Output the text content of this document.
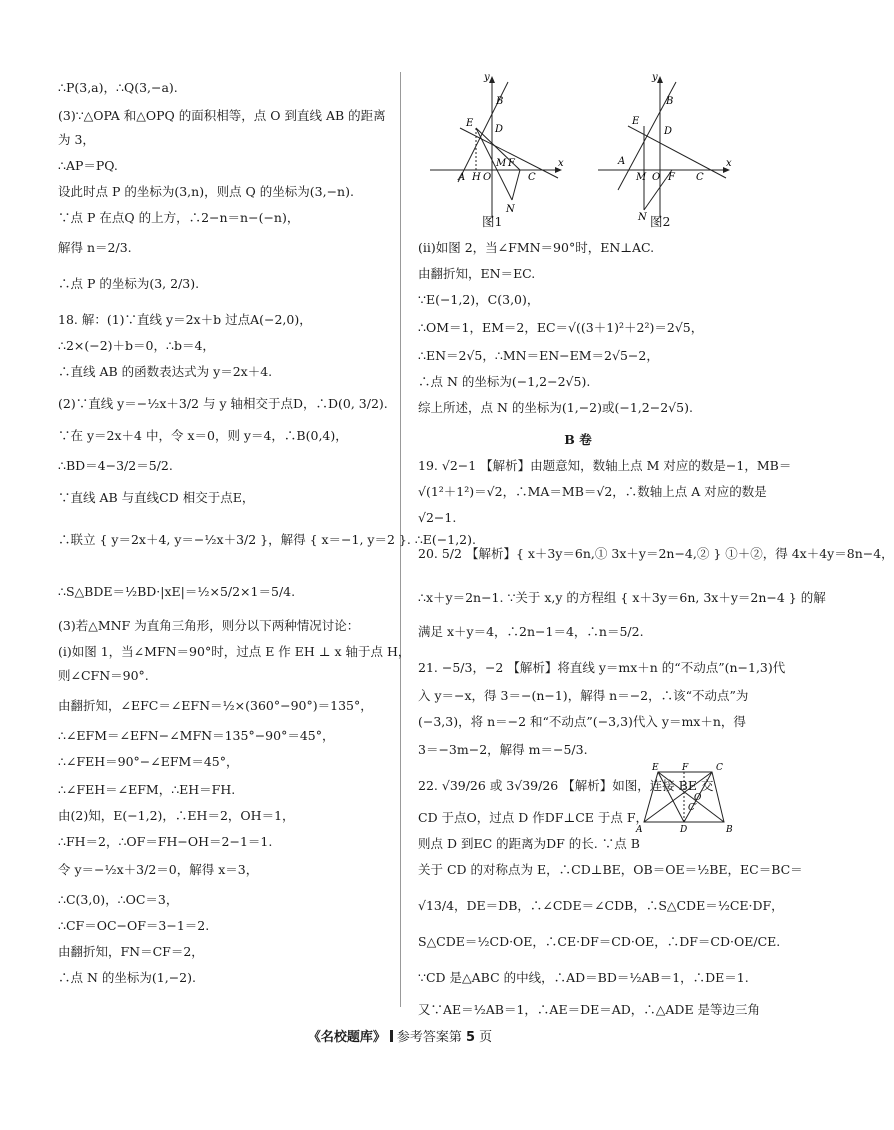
∴P(3,a)，∴Q(3,−a).
(3)∵△OPA 和△OPQ 的面积相等，点 O 到直线 AB 的距离
为 3，
∴AP＝PQ.
设此时点 P 的坐标为(3,n)，则点 Q 的坐标为(3,−n).
∵点 P 在点Q 的上方，∴2−n＝n−(−n)，
解得 n＝2/3.
∴点 P 的坐标为(3, 2/3).
18. 解：(1)∵直线 y＝2x＋b 过点A(−2,0)，
∴2×(−2)＋b＝0，∴b＝4，
∴直线 AB 的函数表达式为 y＝2x＋4.
(2)∵直线 y＝−½x＋3/2 与 y 轴相交于点D，∴D(0, 3/2).
∵在 y＝2x＋4 中，令 x＝0，则 y＝4，∴B(0,4)，
∴BD＝4−3/2＝5/2.
∵直线 AB 与直线CD 相交于点E，
∴联立 { y＝2x＋4, y＝−½x＋3/2 }，解得 { x＝−1, y＝2 }. ∴E(−1,2).
∴S△BDE＝½BD·|xE|＝½×5/2×1＝5/4.
(3)若△MNF 为直角三角形，则分以下两种情况讨论：
(i)如图 1，当∠MFN＝90°时，过点 E 作 EH ⊥ x 轴于点 H，
则∠CFN＝90°.
由翻折知，∠EFC＝∠EFN＝½×(360°−90°)＝135°，
∴∠EFM＝∠EFN−∠MFN＝135°−90°＝45°，
∴∠FEH＝90°−∠EFM＝45°，
∴∠FEH＝∠EFM，∴EH＝FH.
由(2)知，E(−1,2)，∴EH＝2，OH＝1，
∴FH＝2，∴OF＝FH−OH＝2−1＝1.
令 y＝−½x＋3/2＝0，解得 x＝3，
∴C(3,0)，∴OC＝3，
∴CF＝OC−OF＝3−1＝2.
由翻折知，FN＝CF＝2，
∴点 N 的坐标为(1,−2).
y
x
E
D
B
A H O
M F
C
N
图1
y
x
E
D
B
A
M O F C
N 图2
B 卷
E	F	C
O
C′
A	D	B
(ii)如图 2，当∠FMN＝90°时，EN⊥AC.
由翻折知，EN＝EC.
∵E(−1,2)，C(3,0)，
∴OM＝1，EM＝2，EC＝√((3＋1)²＋2²)＝2√5，
∴EN＝2√5，∴MN＝EN−EM＝2√5−2，
∴点 N 的坐标为(−1,2−2√5).
综上所述，点 N 的坐标为(1,−2)或(−1,2−2√5).
19. √2−1 【解析】由题意知，数轴上点 M 对应的数是−1，MB＝
√(1²＋1²)＝√2，∴MA＝MB＝√2，∴数轴上点 A 对应的数是
√2−1.
20. 5/2 【解析】{ x＋3y＝6n,① 3x＋y＝2n−4,② } ①＋②，得 4x＋4y＝8n−4，
∴x＋y＝2n−1. ∵关于 x,y 的方程组 { x＋3y＝6n, 3x＋y＝2n−4 } 的解
满足 x＋y＝4，∴2n−1＝4，∴n＝5/2.
21. −5/3，−2 【解析】将直线 y＝mx＋n 的“不动点”(n−1,3)代
入 y＝−x，得 3＝−(n−1)，解得 n＝−2，∴该“不动点”为
(−3,3)，将 n＝−2 和“不动点”(−3,3)代入 y＝mx＋n，得
3＝−3m−2，解得 m＝−5/3.
22. √39/26 或 3√39/26 【解析】如图，连接 BE 交
CD 于点O，过点 D 作DF⊥CE 于点 F，
则点 D 到EC 的距离为DF 的长. ∵点 B
关于 CD 的对称点为 E，∴CD⊥BE，OB＝OE＝½BE，EC＝BC＝
√13/4，DE＝DB，∴∠CDE＝∠CDB，∴S△CDE＝½CE·DF，
S△CDE＝½CD·OE，∴CE·DF＝CD·OE，∴DF＝CD·OE/CE.
∵CD 是△ABC 的中线，∴AD＝BD＝½AB＝1，∴DE＝1.
又∵AE＝½AB＝1，∴AE＝DE＝AD，∴△ADE 是等边三角
《名校题库》 参考答案第 5 页
